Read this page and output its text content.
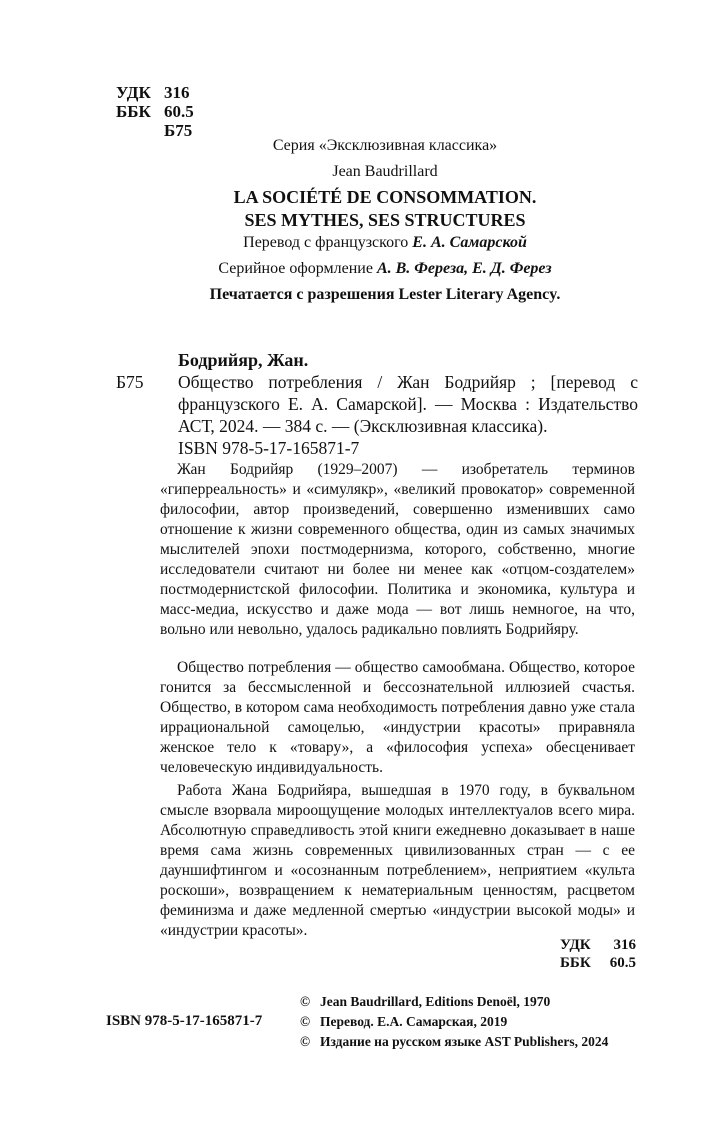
УДК 316
ББК 60.5
Б75
Серия «Эксклюзивная классика»
Jean Baudrillard
LA SOCIÉTÉ DE CONSOMMATION.
SES MYTHES, SES STRUCTURES
Перевод с французского Е. А. Самарской
Серийное оформление А. В. Фереза, Е. Д. Ферез
Печатается с разрешения Lester Literary Agency.
Бодрийяр, Жан.
Б75	Общество потребления / Жан Бодрийяр ; [перевод с французского Е. А. Самарской]. — Москва : Издательство АСТ, 2024. — 384 с. — (Эксклюзивная классика).
ISBN 978-5-17-165871-7

Жан Бодрийяр (1929–2007) — изобретатель терминов «гиперреальность» и «симулякр», «великий провокатор» современной философии, автор произведений, совершенно изменивших само отношение к жизни современного общества, один из самых значимых мыслителей эпохи постмодернизма, которого, собственно, многие исследователи считают ни более ни менее как «отцом-создателем» постмодернистской философии. Политика и экономика, культура и масс-медиа, искусство и даже мода — вот лишь немногое, на что, вольно или невольно, удалось радикально повлиять Бодрийяру.

Общество потребления — общество самообмана. Общество, которое гонится за бессмысленной и бессознательной иллюзией счастья. Общество, в котором сама необходимость потребления давно уже стала иррациональной самоцелью, «индустрии красоты» приравняла женское тело к «товару», а «философия успеха» обесценивает человеческую индивидуальность.

Работа Жана Бодрийяра, вышедшая в 1970 году, в буквальном смысле взорвала мироощущение молодых интеллектуалов всего мира. Абсолютную справедливость этой книги ежедневно доказывает в наше время сама жизнь современных цивилизованных стран — с ее дауншифтингом и «осознанным потреблением», неприятием «культа роскоши», возвращением к нематериальным ценностям, расцветом феминизма и даже медленной смертью «индустрии высокой моды» и «индустрии красоты».

УДК 316
ББК 60.5
ISBN 978-5-17-165871-7
© Jean Baudrillard, Editions Denoël, 1970
© Перевод. Е.А. Самарская, 2019
© Издание на русском языке AST Publishers, 2024
